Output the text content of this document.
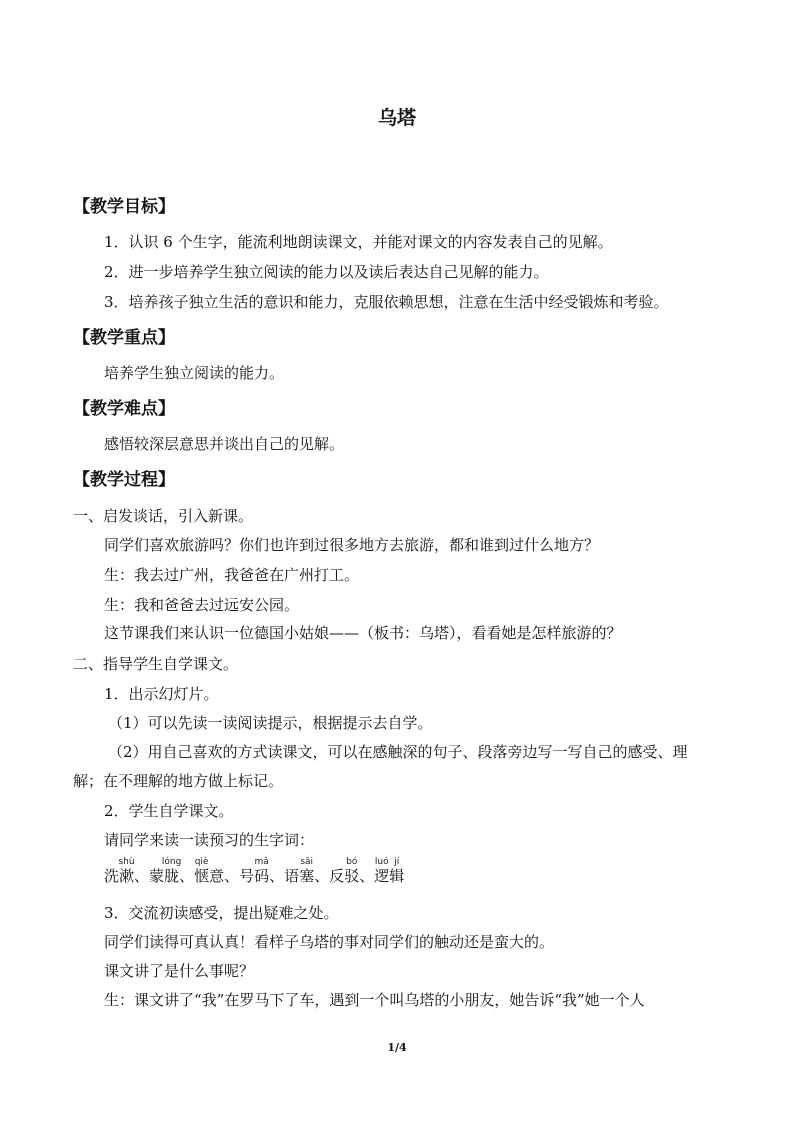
乌塔
【教学目标】
1．认识 6 个生字，能流利地朗读课文，并能对课文的内容发表自己的见解。
2．进一步培养学生独立阅读的能力以及读后表达自己见解的能力。
3．培养孩子独立生活的意识和能力，克服依赖思想，注意在生活中经受锻炼和考验。
【教学重点】
培养学生独立阅读的能力。
【教学难点】
感悟较深层意思并谈出自己的见解。
【教学过程】
一、启发谈话，引入新课。
同学们喜欢旅游吗？你们也许到过很多地方去旅游，都和谁到过什么地方？
生：我去过广州，我爸爸在广州打工。
生：我和爸爸去过远安公园。
这节课我们来认识一位德国小姑娘——（板书：乌塔），看看她是怎样旅游的？
二、指导学生自学课文。
1．出示幻灯片。
（1）可以先读一读阅读提示，根据提示去自学。
（2）用自己喜欢的方式读课文，可以在感触深的句子、段落旁边写一写自己的感受、理
解；在不理解的地方做上标记。
2．学生自学课文。
请同学来读一读预习的生字词：
洗漱shù、蒙胧lóng、惬qiè意、号码mǎ、语塞sāi、反驳bó、逻luó辑jí
3．交流初读感受，提出疑难之处。
同学们读得可真认真！看样子乌塔的事对同学们的触动还是蛮大的。
课文讲了是什么事呢？
生：课文讲了“我”在罗马下了车，遇到一个叫乌塔的小朋友，她告诉“我”她一个人
1/4
